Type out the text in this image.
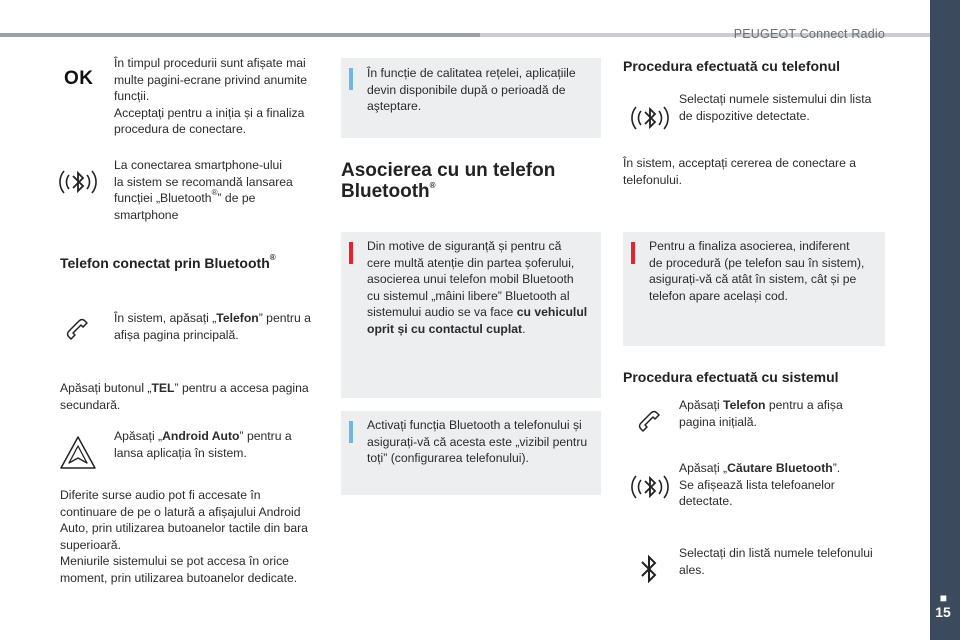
PEUGEOT Connect Radio
■
15
OK
În timpul procedurii sunt afișate mai
multe pagini-ecrane privind anumite
funcții.
Acceptați pentru a iniția și a finaliza
procedura de conectare.
La conectarea smartphone-ului
la sistem se recomandă lansarea
funcției „Bluetooth®” de pe
smartphone
Telefon conectat prin Bluetooth®
În sistem, apăsați „Telefon” pentru a
afișa pagina principală.
Apăsați butonul „TEL” pentru a accesa pagina
secundară.
Apăsați „Android Auto” pentru a
lansa aplicația în sistem.
Diferite surse audio pot fi accesate în
continuare de pe o latură a afișajului Android
Auto, prin utilizarea butoanelor tactile din bara
superioară.
Meniurile sistemului se pot accesa în orice
moment, prin utilizarea butoanelor dedicate.
În funcție de calitatea rețelei, aplicațiile
devin disponibile după o perioadă de
aşteptare.
Asocierea cu un telefon
Bluetooth®
Din motive de siguranță și pentru că
cere multă atenție din partea șoferului,
asocierea unui telefon mobil Bluetooth
cu sistemul „mâini libere” Bluetooth al
sistemului audio se va face cu vehiculul
oprit și cu contactul cuplat.
Activați funcția Bluetooth a telefonului și
asigurați-vă că acesta este „vizibil pentru
toți” (configurarea telefonului).
Procedura efectuată cu telefonul
Selectați numele sistemului din lista
de dispozitive detectate.
În sistem, acceptați cererea de conectare a
telefonului.
Pentru a finaliza asocierea, indiferent
de procedură (pe telefon sau în sistem),
asigurați-vă că atât în sistem, cât și pe
telefon apare același cod.
Procedura efectuată cu sistemul
Apăsați Telefon pentru a afișa
pagina inițială.
Apăsați „Căutare Bluetooth”.
Se afișează lista telefoanelor
detectate.
Selectați din listă numele telefonului
ales.
